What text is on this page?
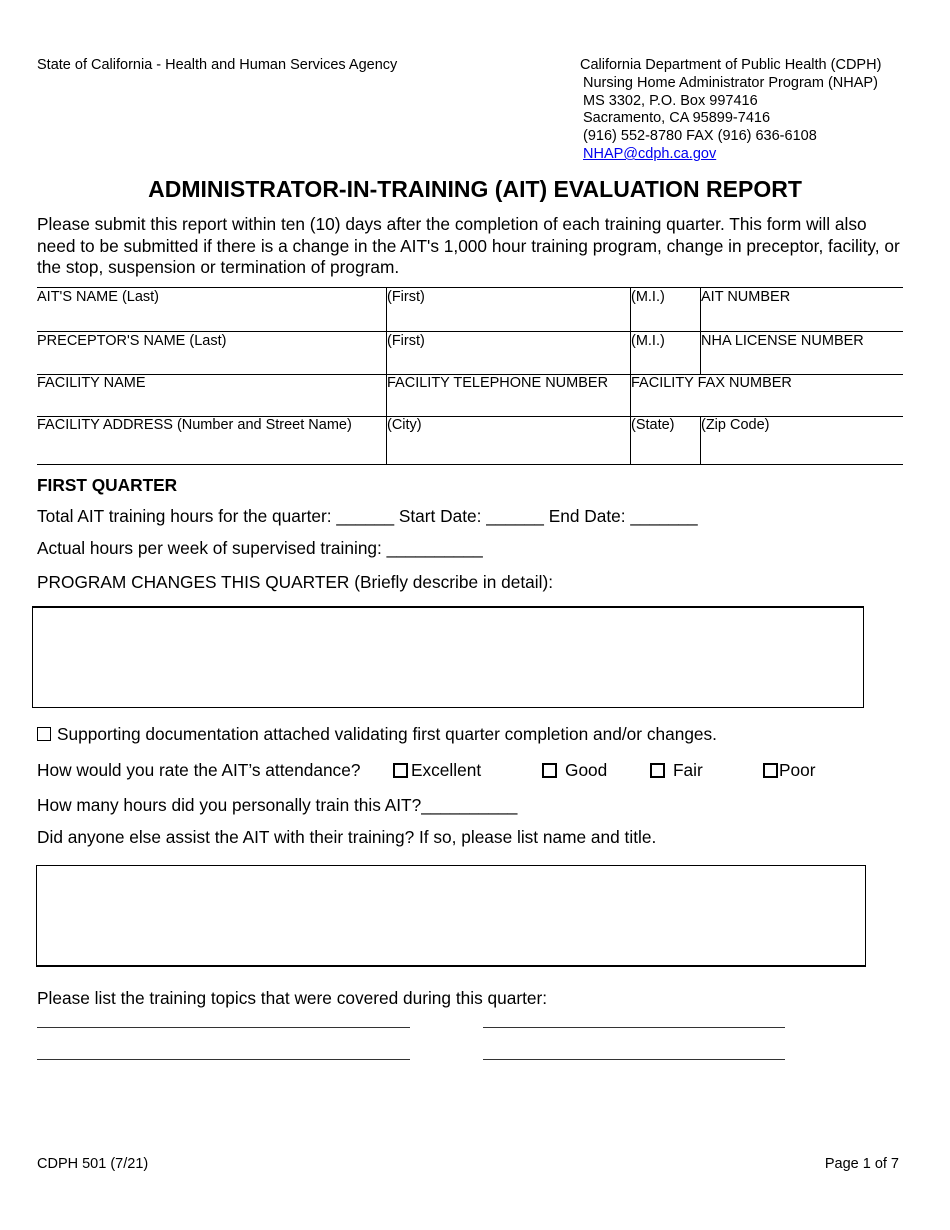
State of California - Health and Human Services Agency	California Department of Public Health (CDPH)
Nursing Home Administrator Program (NHAP)
MS 3302, P.O. Box 997416
Sacramento, CA 95899-7416
(916) 552-8780 FAX (916) 636-6108
NHAP@cdph.ca.gov
ADMINISTRATOR-IN-TRAINING (AIT) EVALUATION REPORT
Please submit this report within ten (10) days after the completion of each training quarter. This form will also need to be submitted if there is a change in the AIT's 1,000 hour training program, change in preceptor, facility, or the stop, suspension or termination of program.
AIT'S NAME (Last)	(First)	(M.I.) AIT NUMBER
PRECEPTOR'S NAME (Last)	(First)	(M.I.) NHA LICENSE NUMBER
FACILITY NAME	FACILITY TELEPHONE NUMBER FACILITY FAX NUMBER
FACILITY ADDRESS (Number and Street Name) (City)	(State) (Zip Code)
FIRST QUARTER
Total AIT training hours for the quarter: ______ Start Date: ______ End Date: _______
Actual hours per week of supervised training: __________
PROGRAM CHANGES THIS QUARTER (Briefly describe in detail):
Supporting documentation attached validating first quarter completion and/or changes.
How would you rate the AIT’s attendance?	Excellent	Good	Fair	Poor
How many hours did you personally train this AIT?__________
Did anyone else assist the AIT with their training? If so, please list name and title.
Please list the training topics that were covered during this quarter:
CDPH 501 (7/21)	Page 1 of 7
